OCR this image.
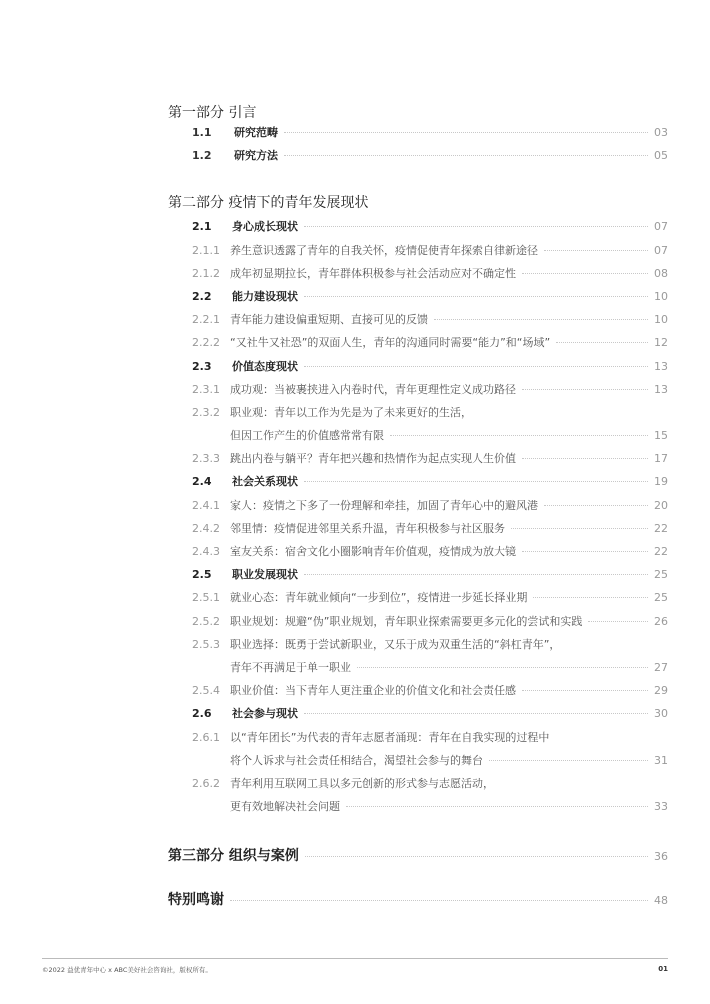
第一部分 引言
1.1	研究范畴	03
1.2	研究方法	05
第二部分 疫情下的青年发展现状
2.1	身心成长现状	07
2.1.1 养生意识透露了青年的自我关怀，疫情促使青年探索自律新途径	07
2.1.2 成年初显期拉长，青年群体积极参与社会活动应对不确定性	08
2.2	能力建设现状	10
2.2.1 青年能力建设偏重短期、直接可见的反馈	10
2.2.2 “又社牛又社恐”的双面人生，青年的沟通同时需要“能力”和“场域”	12
2.3	价值态度现状	13
2.3.1 成功观：当被裹挟进入内卷时代，青年更理性定义成功路径	13
2.3.2 职业观：青年以工作为先是为了未来更好的生活，
但因工作产生的价值感常常有限	15
2.3.3 跳出内卷与躺平？青年把兴趣和热情作为起点实现人生价值	17
2.4	社会关系现状	19
2.4.1 家人：疫情之下多了一份理解和牵挂，加固了青年心中的避风港	20
2.4.2 邻里情：疫情促进邻里关系升温，青年积极参与社区服务	22
2.4.3 室友关系：宿舍文化小圈影响青年价值观，疫情成为放大镜	22
2.5	职业发展现状	25
2.5.1 就业心态：青年就业倾向“一步到位”，疫情进一步延长择业期	25
2.5.2 职业规划：规避“伪”职业规划，青年职业探索需要更多元化的尝试和实践	26
2.5.3 职业选择：既勇于尝试新职业，又乐于成为双重生活的“斜杠青年”，
青年不再满足于单一职业	27
2.5.4 职业价值：当下青年人更注重企业的价值文化和社会责任感	29
2.6	社会参与现状	30
2.6.1 以“青年团长”为代表的青年志愿者涌现：青年在自我实现的过程中
将个人诉求与社会责任相结合，渴望社会参与的舞台	31
2.6.2 青年利用互联网工具以多元创新的形式参与志愿活动，
更有效地解决社会问题	33
第三部分 组织与案例	36
特别鸣谢	48
©2022 益优青年中心 x ABC美好社会咨询社，版权所有。	01
